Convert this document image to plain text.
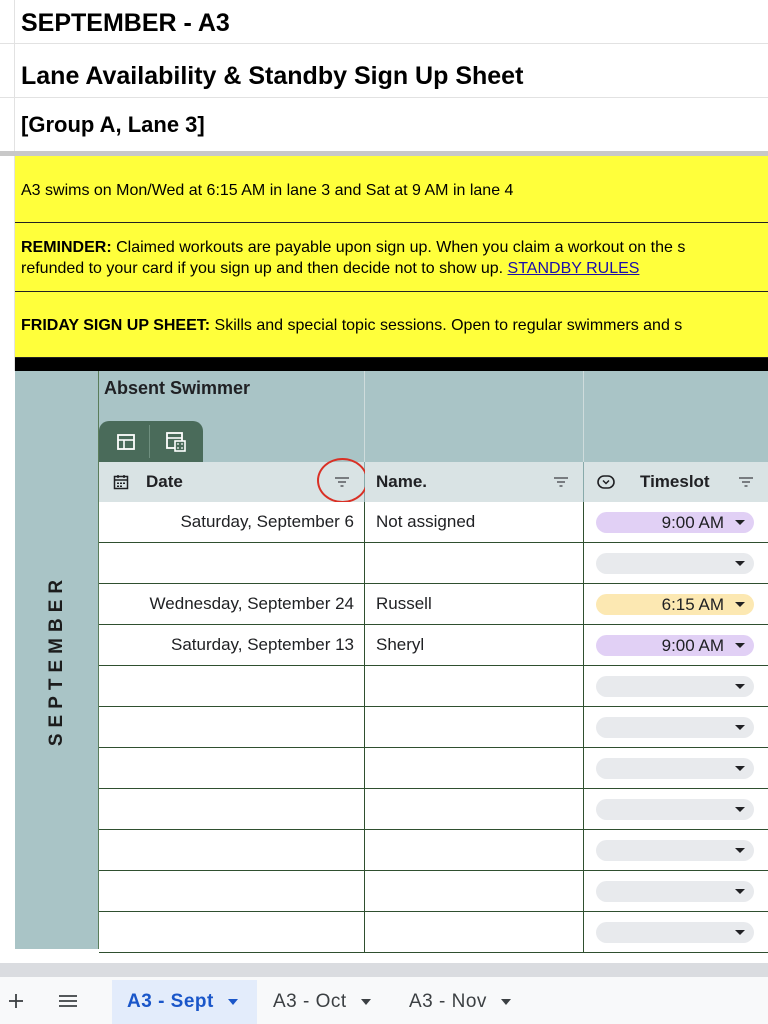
SEPTEMBER - A3
Lane Availability & Standby Sign Up Sheet
[Group A, Lane 3]
A3 swims on Mon/Wed at 6:15 AM in lane 3 and Sat at 9 AM in lane 4
REMINDER: Claimed workouts are payable upon sign up. When you claim a workout on the s
refunded to your card if you sign up and then decide not to show up. STANDBY RULES
FRIDAY SIGN UP SHEET: Skills and special topic sessions. Open to regular swimmers and s
SEPTEMBER
Absent Swimmer
Date	Name.	Timeslot
Saturday, September 6	Not assigned	9:00 AM
Wednesday, September 24	Russell	6:15 AM
Saturday, September 13	Sheryl	9:00 AM
A3 - Sept	A3 - Oct	A3 - Nov
